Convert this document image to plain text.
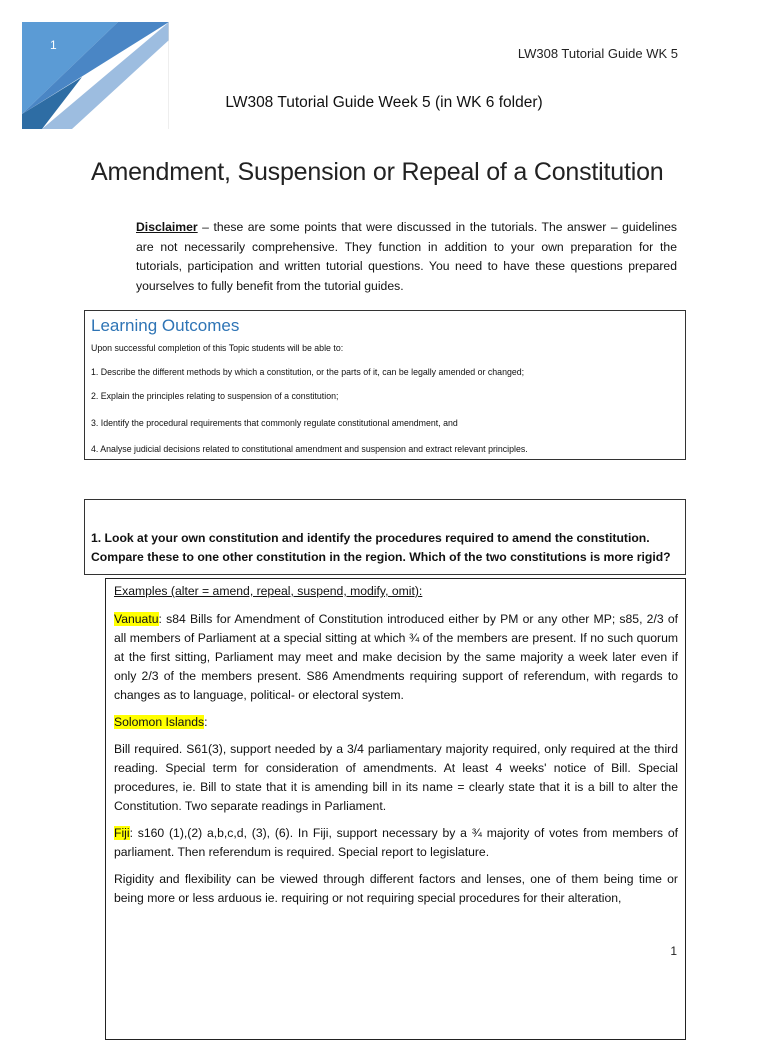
1
LW308 Tutorial Guide WK 5
LW308 Tutorial Guide Week 5 (in WK 6 folder)
Amendment, Suspension or Repeal of a Constitution
Disclaimer – these are some points that were discussed in the tutorials. The answer – guidelines are not necessarily comprehensive. They function in addition to your own preparation for the tutorials, participation and written tutorial questions. You need to have these questions prepared yourselves to fully benefit from the tutorial guides.
Learning Outcomes
Upon successful completion of this Topic students will be able to:
1. Describe the different methods by which a constitution, or the parts of it, can be legally amended or changed;
2. Explain the principles relating to suspension of a constitution;
3. Identify the procedural requirements that commonly regulate constitutional amendment, and
4. Analyse judicial decisions related to constitutional amendment and suspension and extract relevant principles.
1. Look at your own constitution and identify the procedures required to amend the constitution. Compare these to one other constitution in the region. Which of the two constitutions is more rigid?

Examples (alter = amend, repeal, suspend, modify, omit):

Vanuatu: s84 Bills for Amendment of Constitution introduced either by PM or any other MP; s85, 2/3 of all members of Parliament at a special sitting at which ¾ of the members are present. If no such quorum at the first sitting, Parliament may meet and make decision by the same majority a week later even if only 2/3 of the members present. S86 Amendments requiring support of referendum, with regards to changes as to language, political- or electoral system.

Solomon Islands:

Bill required. S61(3), support needed by a 3/4 parliamentary majority required, only required at the third reading. Special term for consideration of amendments. At least 4 weeks' notice of Bill. Special procedures, ie. Bill to state that it is amending bill in its name = clearly state that it is a bill to alter the Constitution. Two separate readings in Parliament.

Fiji: s160 (1),(2) a,b,c,d, (3), (6). In Fiji, support necessary by a ¾ majority of votes from members of parliament. Then referendum is required. Special report to legislature.

Rigidity and flexibility can be viewed through different factors and lenses, one of them being time or being more or less arduous ie. requiring or not requiring special procedures for their alteration,

1
